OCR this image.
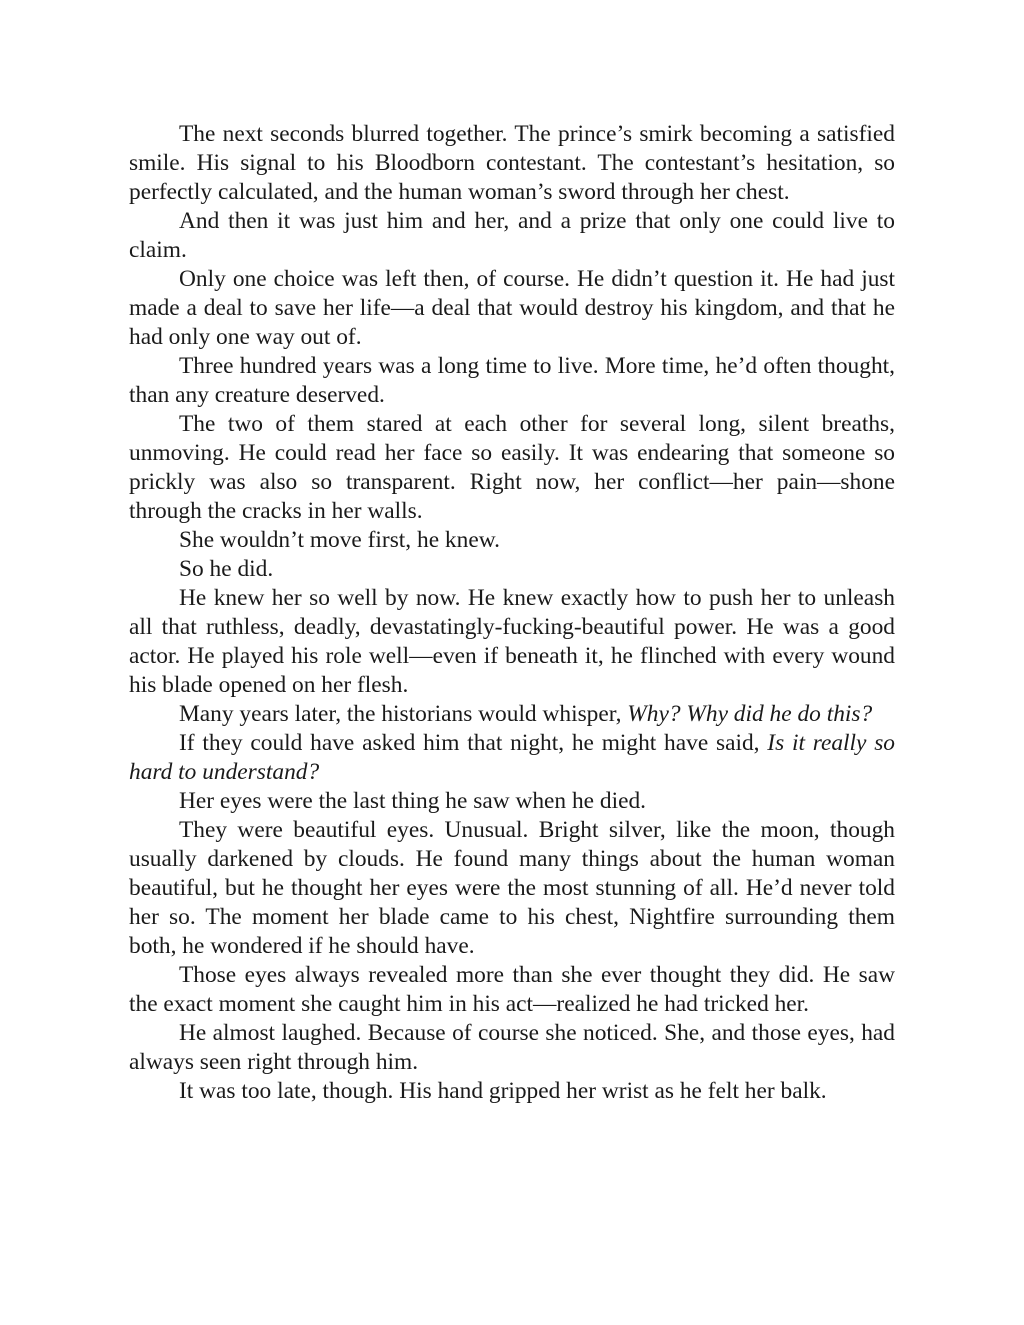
The next seconds blurred together. The prince’s smirk becoming a satisfied smile. His signal to his Bloodborn contestant. The contestant’s hesitation, so perfectly calculated, and the human woman’s sword through her chest.

And then it was just him and her, and a prize that only one could live to claim.

Only one choice was left then, of course. He didn’t question it. He had just made a deal to save her life—a deal that would destroy his kingdom, and that he had only one way out of.

Three hundred years was a long time to live. More time, he’d often thought, than any creature deserved.

The two of them stared at each other for several long, silent breaths, unmoving. He could read her face so easily. It was endearing that someone so prickly was also so transparent. Right now, her conflict—her pain—shone through the cracks in her walls.

She wouldn’t move first, he knew.

So he did.

He knew her so well by now. He knew exactly how to push her to unleash all that ruthless, deadly, devastatingly-fucking-beautiful power. He was a good actor. He played his role well—even if beneath it, he flinched with every wound his blade opened on her flesh.

Many years later, the historians would whisper, Why? Why did he do this?

If they could have asked him that night, he might have said, Is it really so hard to understand?

Her eyes were the last thing he saw when he died.

They were beautiful eyes. Unusual. Bright silver, like the moon, though usually darkened by clouds. He found many things about the human woman beautiful, but he thought her eyes were the most stunning of all. He’d never told her so. The moment her blade came to his chest, Nightfire surrounding them both, he wondered if he should have.

Those eyes always revealed more than she ever thought they did. He saw the exact moment she caught him in his act—realized he had tricked her.

He almost laughed. Because of course she noticed. She, and those eyes, had always seen right through him.

It was too late, though. His hand gripped her wrist as he felt her balk.
